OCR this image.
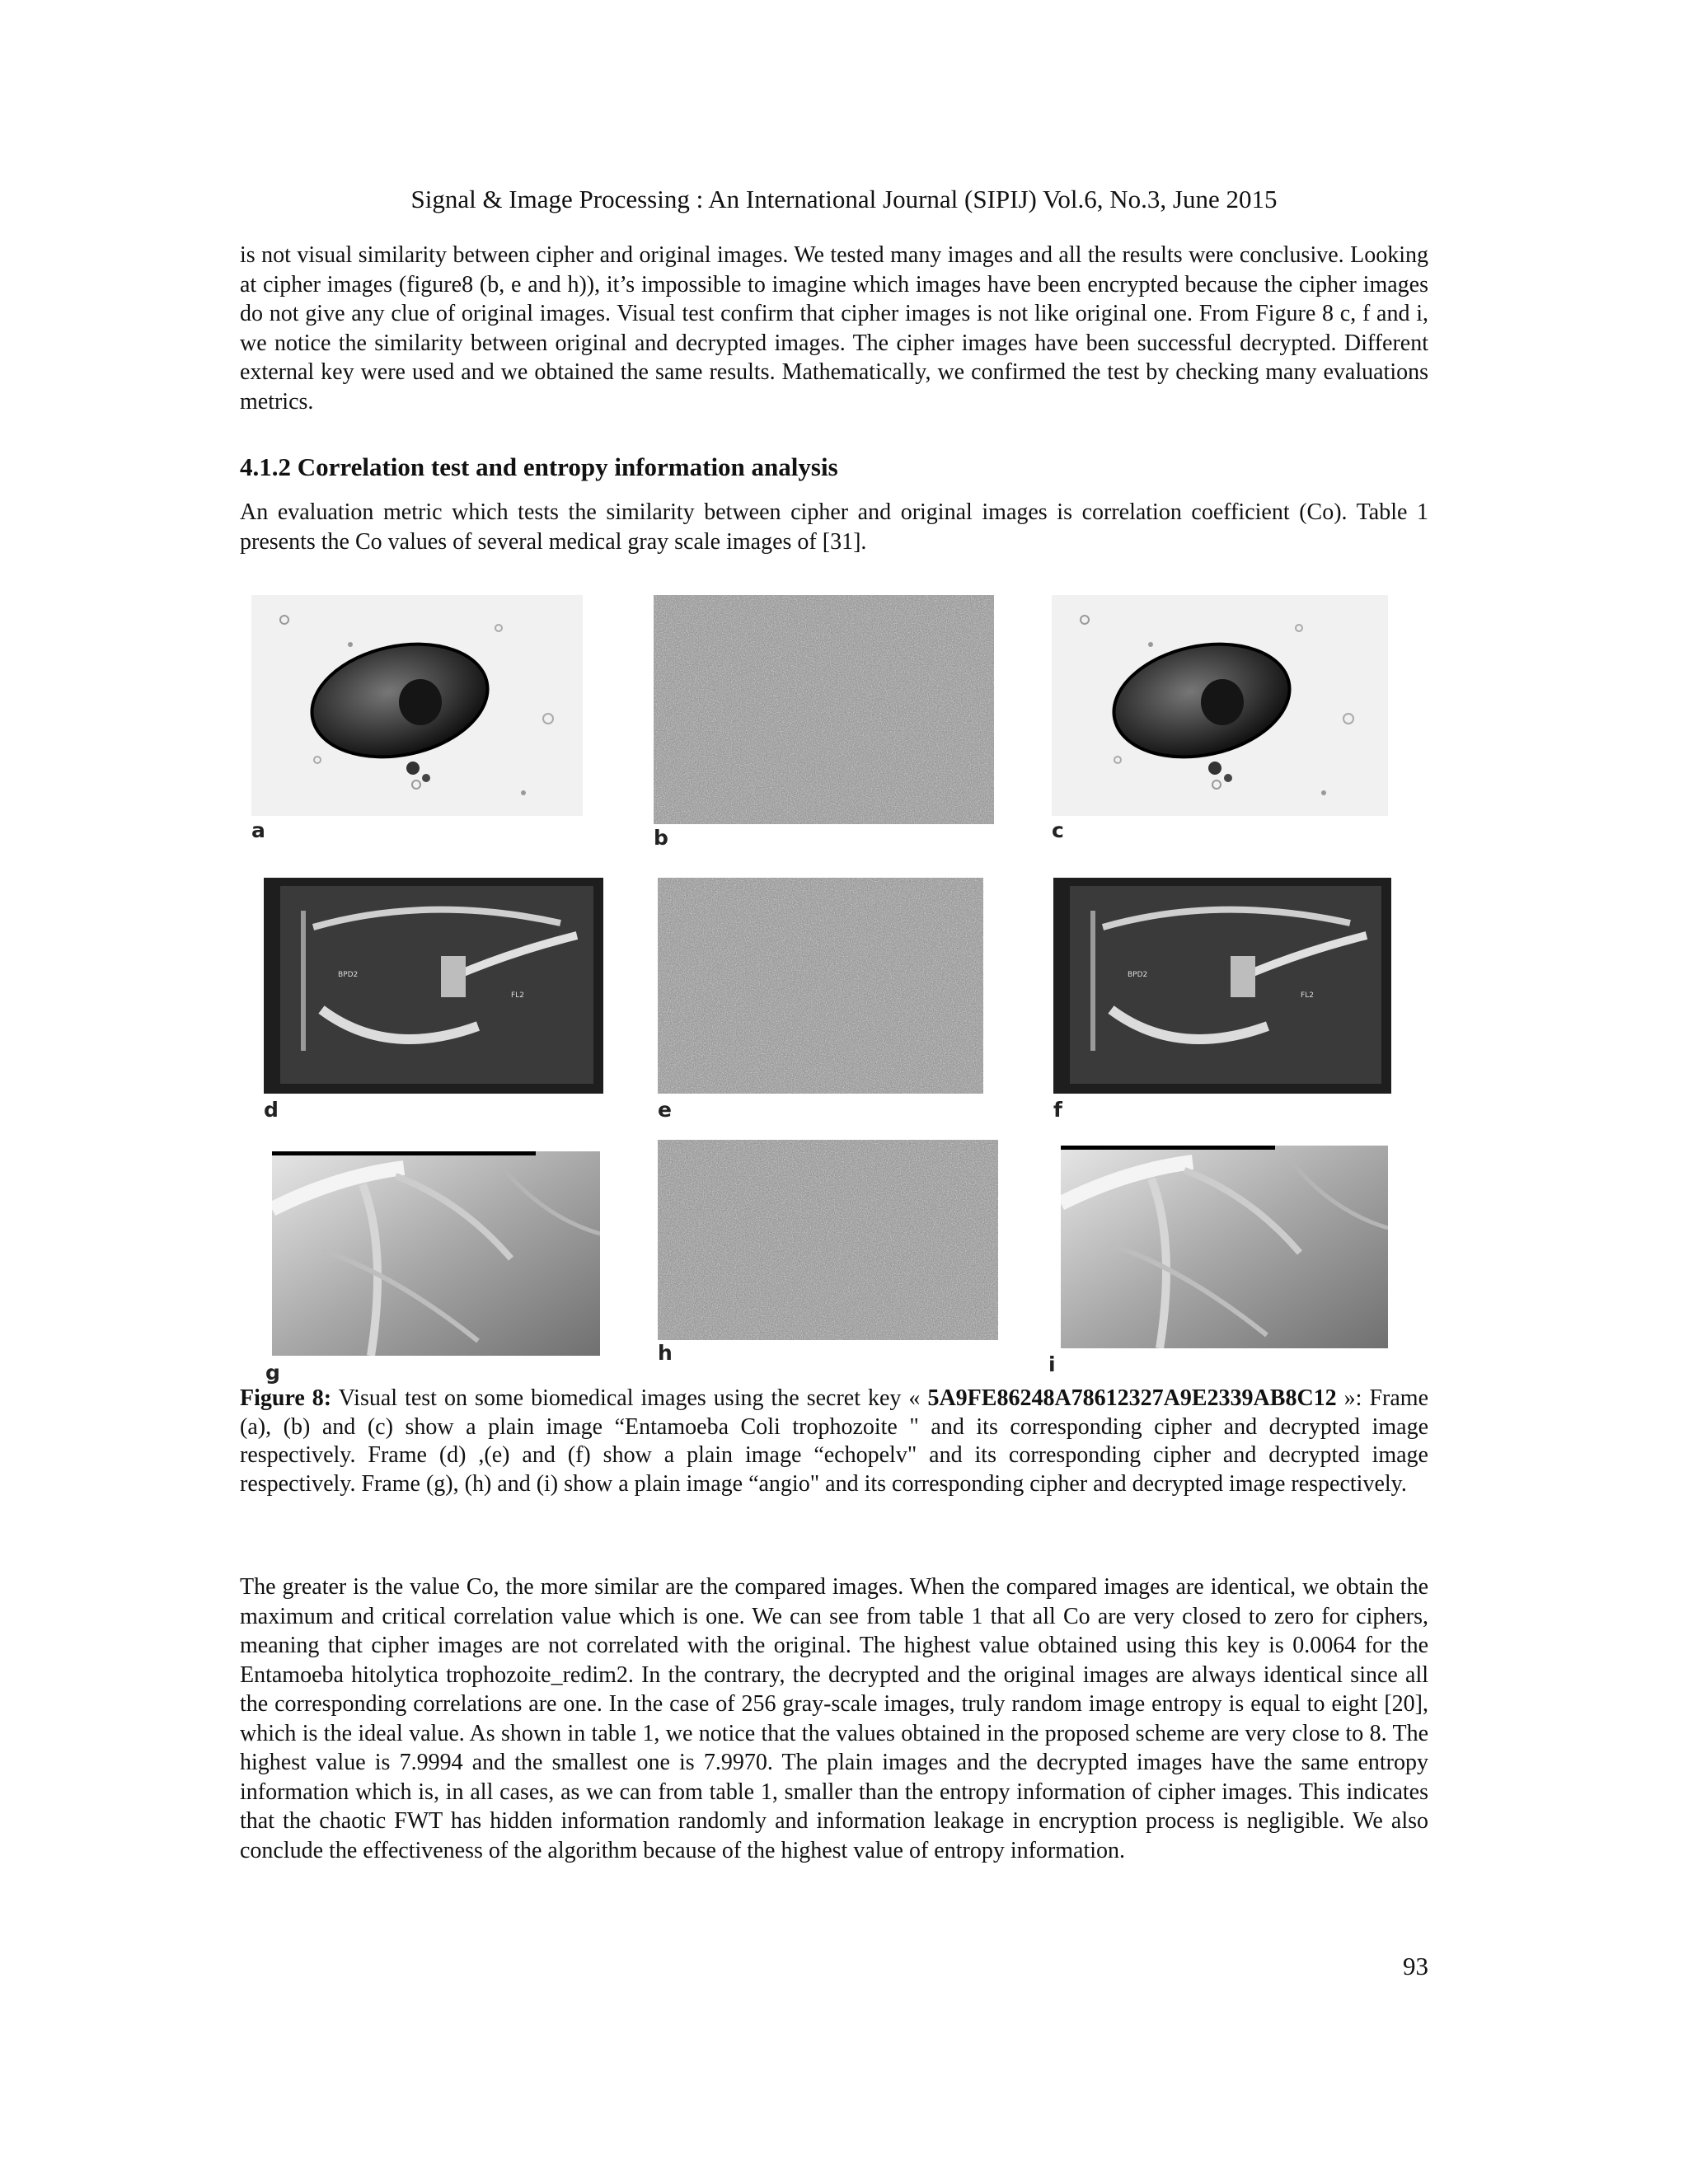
Signal & Image Processing : An International Journal (SIPIJ) Vol.6, No.3, June 2015

is not visual similarity between cipher and original images. We tested many images and all the results were conclusive. Looking at cipher images (figure8 (b, e and h)), it’s impossible to imagine which images have been encrypted because the cipher images do not give any clue of original images. Visual test confirm that cipher images is not like original one. From Figure 8 c, f and i, we notice the similarity between original and decrypted images. The cipher images have been successful decrypted. Different external key were used and we obtained the same results. Mathematically, we confirmed the test by checking many evaluations metrics.

4.1.2 Correlation test and entropy information analysis

An evaluation metric which tests the similarity between cipher and original images is correlation coefficient (Co). Table 1 presents the Co values of several medical gray scale images of [31].

a	b	c
BPD2
FL2
d	e
BPD2
FL2
f
g
h	i

Figure 8: Visual test on some biomedical images using the secret key « 5A9FE86248A78612327A9E2339AB8C12 »: Frame (a), (b) and (c) show a plain image “Entamoeba Coli trophozoite " and its corresponding cipher and decrypted image respectively. Frame (d) ,(e) and (f) show a plain image “echopelv" and its corresponding cipher and decrypted image respectively. Frame (g), (h) and (i) show a plain image “angio" and its corresponding cipher and decrypted image respectively.

The greater is the value Co, the more similar are the compared images. When the compared images are identical, we obtain the maximum and critical correlation value which is one. We can see from table 1 that all Co are very closed to zero for ciphers, meaning that cipher images are not correlated with the original. The highest value obtained using this key is 0.0064 for the Entamoeba hitolytica trophozoite_redim2. In the contrary, the decrypted and the original images are always identical since all the corresponding correlations are one. In the case of 256 gray-scale images, truly random image entropy is equal to eight [20], which is the ideal value. As shown in table 1, we notice that the values obtained in the proposed scheme are very close to 8. The highest value is 7.9994 and the smallest one is 7.9970. The plain images and the decrypted images have the same entropy information which is, in all cases, as we can from table 1, smaller than the entropy information of cipher images. This indicates that the chaotic FWT has hidden information randomly and information leakage in encryption process is negligible. We also conclude the effectiveness of the algorithm because of the highest value of entropy information.

93
